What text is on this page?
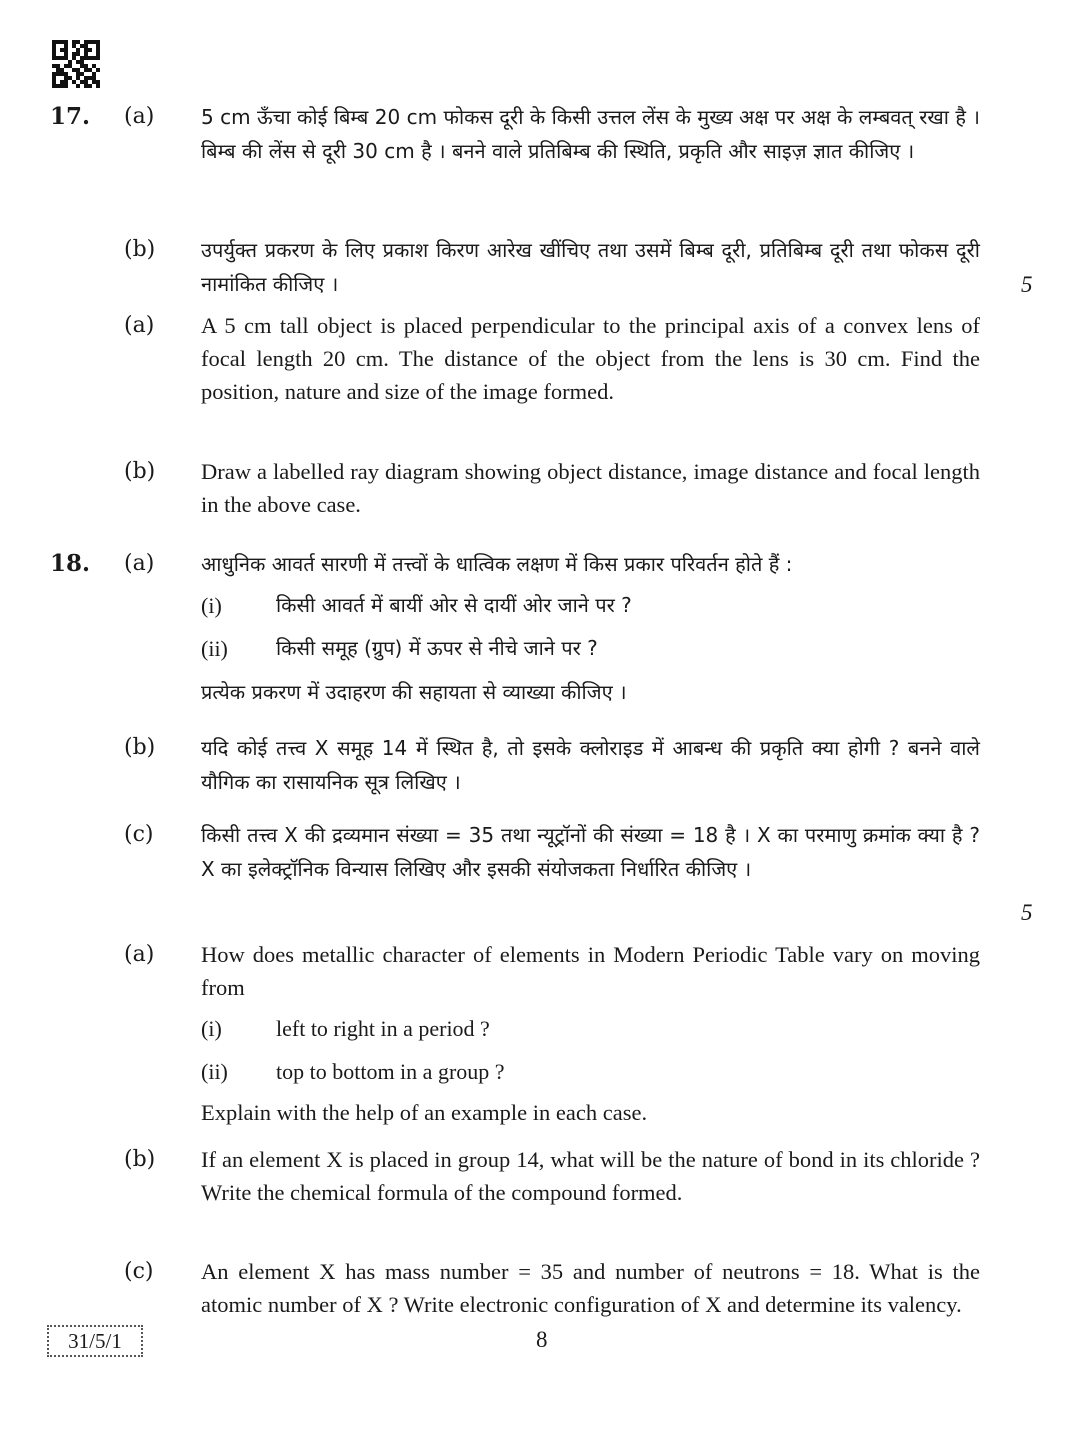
17. (a) 5 cm ऊँचा कोई बिम्ब 20 cm फोकस दूरी के किसी उत्तल लेंस के मुख्य अक्ष पर अक्ष के लम्बवत् रखा है । बिम्ब की लेंस से दूरी 30 cm है । बनने वाले प्रतिबिम्ब की स्थिति, प्रकृति और साइज़ ज्ञात कीजिए ।
(b) उपर्युक्त प्रकरण के लिए प्रकाश किरण आरेख खींचिए तथा उसमें बिम्ब दूरी, प्रतिबिम्ब दूरी तथा फोकस दूरी नामांकित कीजिए ।	5
(a) A 5 cm tall object is placed perpendicular to the principal axis of a convex lens of focal length 20 cm. The distance of the object from the lens is 30 cm. Find the position, nature and size of the image formed.
(b) Draw a labelled ray diagram showing object distance, image distance and focal length in the above case.
18. (a) आधुनिक आवर्त सारणी में तत्त्वों के धात्विक लक्षण में किस प्रकार परिवर्तन होते हैं :
(i)	किसी आवर्त में बायीं ओर से दायीं ओर जाने पर ?
(ii) किसी समूह (ग्रुप) में ऊपर से नीचे जाने पर ?
प्रत्येक प्रकरण में उदाहरण की सहायता से व्याख्या कीजिए ।
(b) यदि कोई तत्त्व X समूह 14 में स्थित है, तो इसके क्लोराइड में आबन्ध की प्रकृति क्या होगी ? बनने वाले यौगिक का रासायनिक सूत्र लिखिए ।
(c) किसी तत्त्व X की द्रव्यमान संख्या = 35 तथा न्यूट्रॉनों की संख्या = 18 है । X का परमाणु क्रमांक क्या है ? X का इलेक्ट्रॉनिक विन्यास लिखिए और इसकी संयोजकता निर्धारित कीजिए ।
5
(a) How does metallic character of elements in Modern Periodic Table vary on moving from
(i) left to right in a period ?
(ii) top to bottom in a group ?
Explain with the help of an example in each case.
(b) If an element X is placed in group 14, what will be the nature of bond in its chloride ? Write the chemical formula of the compound formed.
(c) An element X has mass number = 35 and number of neutrons = 18. What is the atomic number of X ? Write electronic configuration of X and determine its valency.
31/5/1	8
